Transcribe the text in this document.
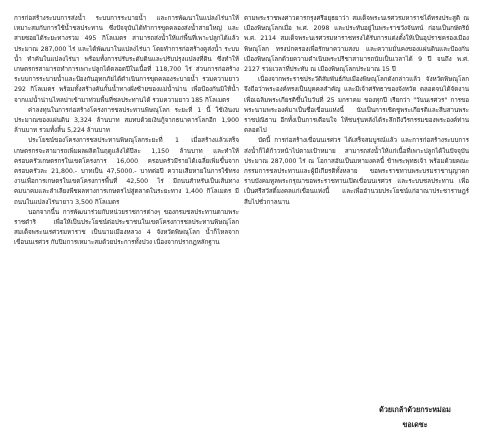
การก่อสร้างระบบการส่งน้ำ ระบบการระบายน้ำ และการพัฒนาในแปลงไร่นาให้เหมาะสมกับการใช้น้ำชลประทาน ซึ่งปัจจุบันได้ทำการขุดคลองส่งน้ำสายใหญ่ และสายซอยได้ระยะทางรวม 495 กิโลเมตร สามารถส่งน้ำให้แก่พื้นที่เพาะปลูกได้แล้ว ประมาณ 287,000 ไร่ และได้พัฒนาในแปลงไร่นา โดยทำการก่อสร้างคูส่งน้ำ ระบบน้ำ ทำคันในแปลงไร่นา พร้อมทั้งการปรับระดับดินและปรับปรุงแปลงที่ดิน ซึ่งทำให้เกษตรกรสามารถทำการเพาะปลูกได้ตลอดปีในเนื้อที่ 118,700 ไร่ ส่วนการก่อสร้างระบบการระบายน้ำและป้องกันอุทกภัยได้ดำเนินการขุดคลองระบายน้ำ รวมความยาว 292 กิโลเมตร พร้อมทั้งสร้างคันกั้นน้ำทางฝั่งซ้ายของแม่น้ำน่าน เพื่อป้องกันมิให้น้ำจากแม่น้ำน่านไหลบ่าเข้ามาท่วมพื้นที่ชลประทานได้ รวมความยาว 185 กิโลเมตร

ค่าลงทุนในการก่อสร้างโครงการชลประทานพิษณุโลก ระยะที่ 1 นี้ ใช้เงินงบประมาณของแผ่นดิน 3,324 ล้านบาท สมทบด้วยเงินกู้จากธนาคารโลกอีก 1,900 ล้านบาท รวมทั้งสิ้น 5,224 ล้านบาท

ประโยชน์ของโครงการชลประทานพิษณุโลกระยะที่ 1 เมื่อสร้างแล้วเสร็จ เกษตรกรจะสามารถเพิ่มผลผลิตในฤดูแล้งได้ปีละ 1,150 ล้านบาท และทำให้ครอบครัวเกษตรกรในเขตโครงการ 16,000 ครอบครัวมีรายได้เฉลี่ยเพิ่มขึ้นจากครอบครัวละ 21,800.- บาทเป็น 47,5000.- บาทต่อปี ความเสียหายในการใช้ทรงงานเพื่อการเกษตรในเขตโครงการพื้นที่ 42,500 ไร่ มีถนนสำหรับเป็นเส้นทางคมนาคมและลำเลียงพืชผลทางการเกษตรไปสู่ตลาดในระยะทาง 1,400 กิโลเมตร มีถนนในแปลงไร่นายาว 3,500 กิโลเมตร

นอกจากนี้น การพัฒนาร่วมกับหน่วยราชการต่างๆ ของกรมชลประทานตามพระราชดำริ เพื่อให้เป็นประโยชน์ต่อประชาชนในเขตโครงการชลประทานพิษณุโลก สมเด็จพระนเรศวรมหาราช เป็นนามเมืองหลวง 4 จังหวัดพิษณุโลก น้ำก็ไหลจาก เขื่อนนเรศวร กับปิมการเหมาะสมด้วยประการทั้งปวง เนื่องจากปรากฏหลักฐาน

ตามพระราชพงศาวดารกรุงศรีอยุธยาว่า สมเด็จพระนเรศวรมหาราชได้ทรงประสูติ ณ เมืองพิษณุโลกเมื่อ พ.ศ. 2098 และประทับอยู่ในพระราชวังจันทน์ ก่อนเป็นกษัตริย์ พ.ศ. 2114 สมเด็จพระนเรศวรมหาราชทรงได้รับการแต่งตั้งให้เป็นอุปราชครองเมืองพิษณุโลก ทรงปกครองเพื่อรักษาความสงบ และความมั่นคงของแผ่นดินและป้องกันเมืองพิษณุโลกด้วยความดำเนินพระปรีชาสามารถนับเป็นเวลาได้ 9 ปี จนถึง พ.ศ. 2127 รวมเวลาที่ประทับ ณ เมืองพิษณุโลกประมาณ 15 ปี

เนื่องจากพระราชประวัติสัมพันธ์กับเมืองพิษณุโลกดังกล่าวแล้ว จังหวัดพิษณุโลกจึงถือว่าพระองค์ทรงเป็นบุคคลสำคัญ และมีเจ้าศรัทธาของจังหวัด ตลอดจนได้จัดงานเพื่อเฉลิมพระเกียรติขึ้นในวันที่ 25 มกราคม ของทุกปี เรียกว่า "วันนเรศวร" การขอพระนามพระองค์มาเป็นชื่อเขื่อนแห่งนี้ นับเป็นการเชิดชูพระเกียรติและสืบสานพระราชปณิธาน อีกทั้งเป็นการเตือนใจ ให้ชนรุ่นหลังได้ระลึกถึงวีรกรรมของพระองค์ท่านตลอดไป

บัดนี้ การก่อสร้างเขื่อนนเรศวร ได้เสร็จสมบูรณ์แล้ว และการก่อสร้างระบบการส่งน้ำก็ได้ก้าวหน้าไปตามเป้าหมาย สามารถส่งน้ำให้แก่เนื้อที่เพาะปลูกได้ในปัจจุบัน ประมาณ 287,000 ไร่ ณ โอกาสอันเป็นมหามงคลนี้ ข้าพระพุทธเจ้า พร้อมด้วยคณะกรรมการชลประทานและผู้มีเกียรติทั้งหลาย ขอพระราชทานพระบรมราชานุญาตกราบบังคมทูลพระกรุณาขอพระราชทานเปิดเขื่อนนเรศวร และระบบชลประทาน เพื่อเป็นศรีสวัสดิ์มงคลแก่เขื่อนแห่งนี้ และเพื่ออำนวยประโยชน์แก่อาณาประชาราษฎร์สืบไปชั่วกาลนาน

ด้วยเกล้าด้วยกระหม่อม
ขอเดชะ
